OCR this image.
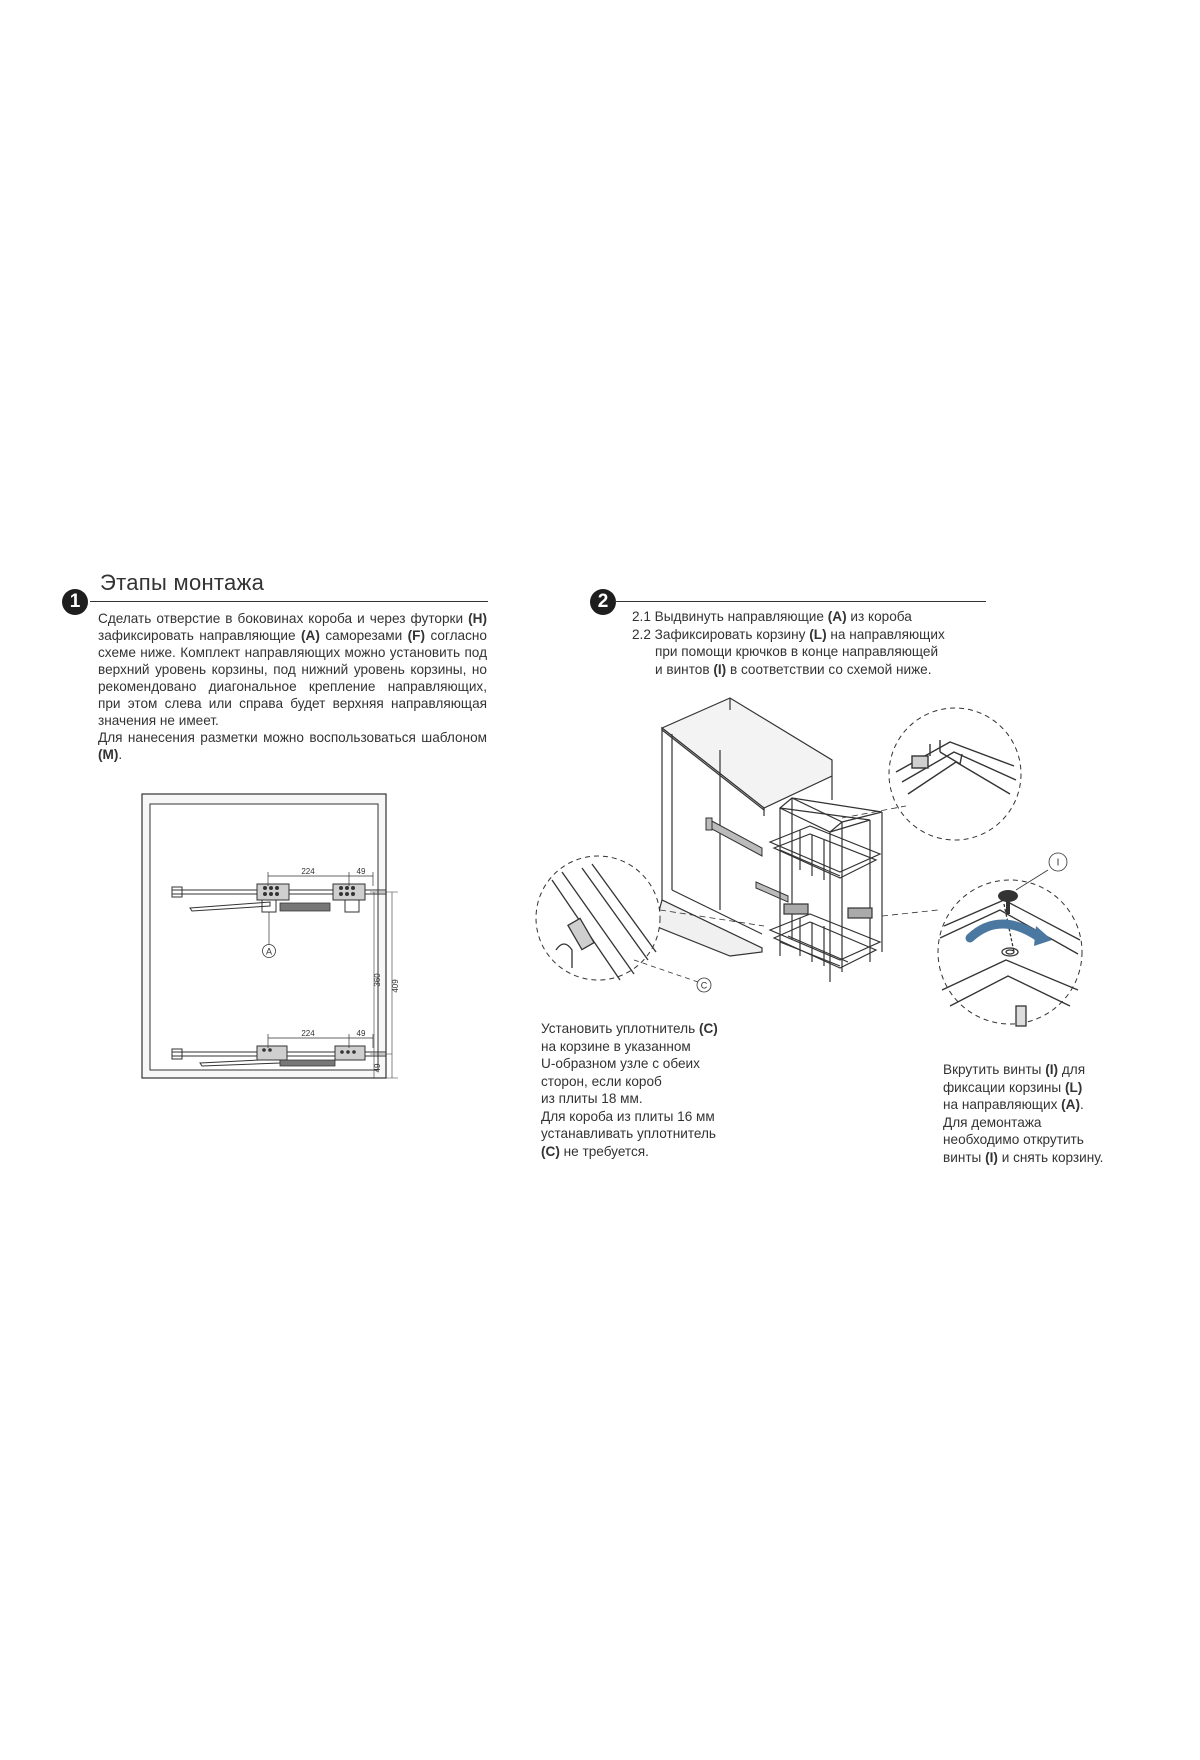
1
Этапы монтажа

Сделать отверстие в боковинах короба и через футорки (H) зафиксировать направляющие (A) саморезами (F) согласно схеме ниже. Комплект направляющих можно установить под верхний уровень корзины, под нижний уровень корзины, но рекомендовано диагональное крепление направляющих, при этом слева или справа будет верхняя направляющая значения не имеет.

Для нанесения разметки можно воспользоваться шаблоном (M).

224	49
A
224	49
360 409
49
2
2.1 Выдвинуть направляющие (A) из короба
2.2 Зафиксировать корзину (L) на направляющих
при помощи крючков в конце направляющей
и винтов (I) в соответствии со схемой ниже.
C
I
Установить уплотнитель (C)
на корзине в указанном
U-образном узле с обеих
сторон, если короб
из плиты 18 мм.
Для короба из плиты 16 мм
устанавливать уплотнитель
(C) не требуется.
Вкрутить винты (I) для
фиксации корзины (L)
на направляющих (A).
Для демонтажа
необходимо открутить
винты (I) и снять корзину.
